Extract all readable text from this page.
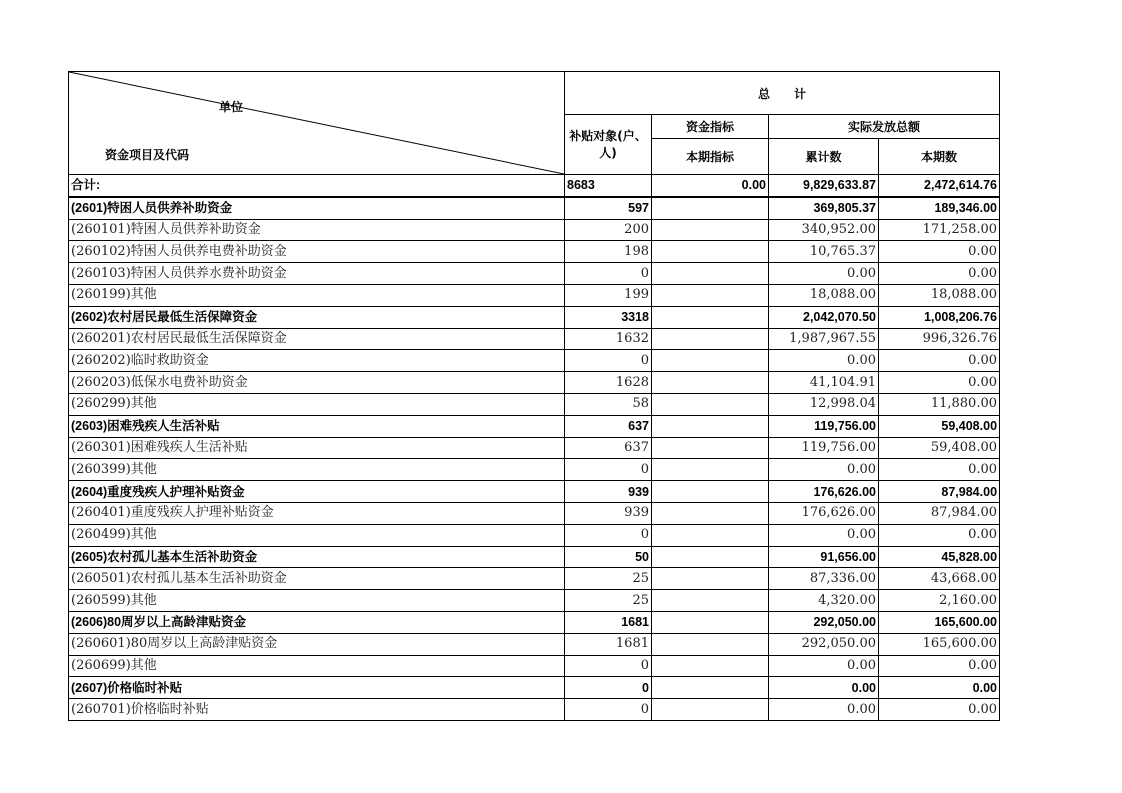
单位
资金项目及代码	总　　计			
	补贴对象(户、人)	资金指标	实际发放总额	
		本期指标	累计数	本期数
合计:	8683	0.00	9,829,633.87	2,472,614.76
(2601)特困人员供养补助资金	597		369,805.37	189,346.00
(260101)特困人员供养补助资金	200		340,952.00	171,258.00
(260102)特困人员供养电费补助资金	198		10,765.37	0.00
(260103)特困人员供养水费补助资金	0		0.00	0.00
(260199)其他	199		18,088.00	18,088.00
(2602)农村居民最低生活保障资金	3318		2,042,070.50	1,008,206.76
(260201)农村居民最低生活保障资金	1632		1,987,967.55	996,326.76
(260202)临时救助资金	0		0.00	0.00
(260203)低保水电费补助资金	1628		41,104.91	0.00
(260299)其他	58		12,998.04	11,880.00
(2603)困难残疾人生活补贴	637		119,756.00	59,408.00
(260301)困难残疾人生活补贴	637		119,756.00	59,408.00
(260399)其他	0		0.00	0.00
(2604)重度残疾人护理补贴资金	939		176,626.00	87,984.00
(260401)重度残疾人护理补贴资金	939		176,626.00	87,984.00
(260499)其他	0		0.00	0.00
(2605)农村孤儿基本生活补助资金	50		91,656.00	45,828.00
(260501)农村孤儿基本生活补助资金	25		87,336.00	43,668.00
(260599)其他	25		4,320.00	2,160.00
(2606)80周岁以上高龄津贴资金	1681		292,050.00	165,600.00
(260601)80周岁以上高龄津贴资金	1681		292,050.00	165,600.00
(260699)其他	0		0.00	0.00
(2607)价格临时补贴	0		0.00	0.00
(260701)价格临时补贴	0		0.00	0.00
